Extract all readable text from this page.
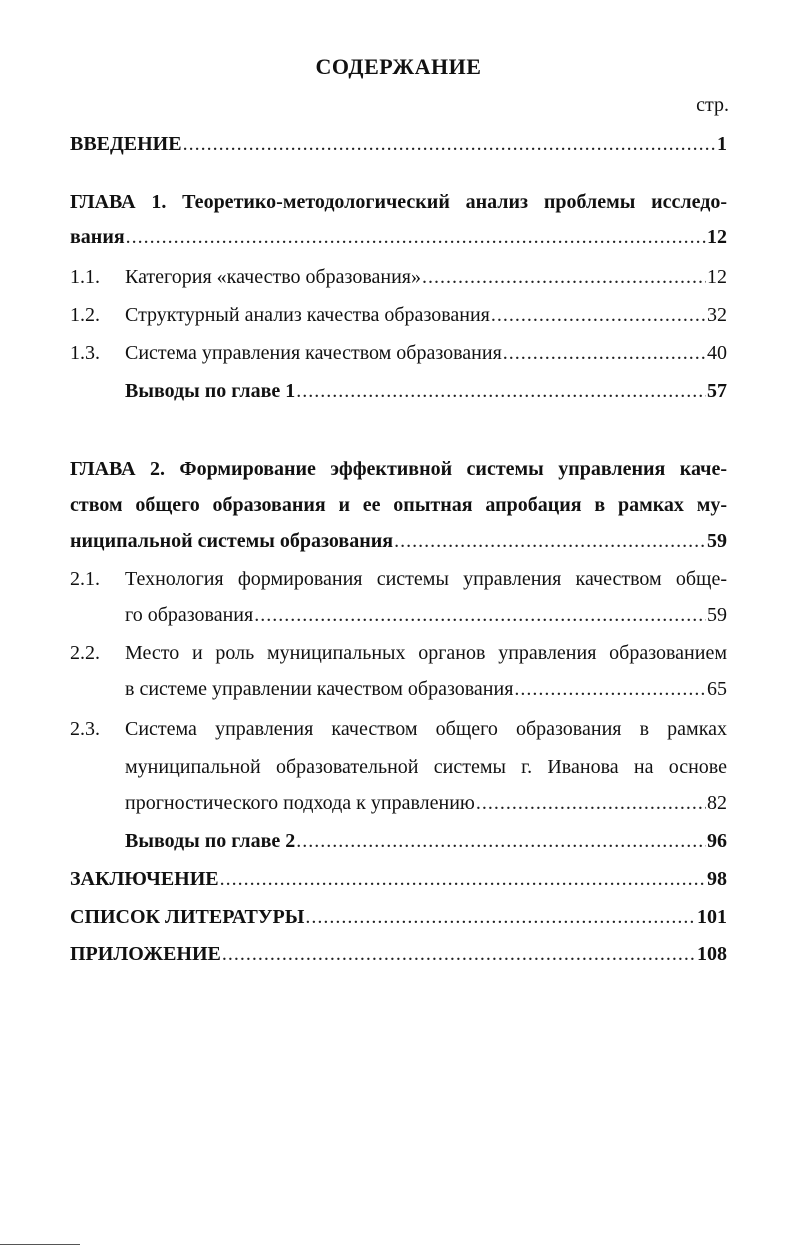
СОДЕРЖАНИЕ
стр.
ВВЕДЕНИЕ .....	1
ГЛАВА 1. Теоретико-методологический анализ проблемы исследо-
вания .....	12
1.1.	Категория «качество образования» .....	12
1.2.	Структурный анализ качества образования .....	32
1.3.	Система управления качеством образования .....	40
Выводы по главе 1 .....	57
ГЛАВА 2. Формирование эффективной системы управления каче-
ством общего образования и ее опытная апробация в рамках му-
ниципальной системы образования .....	59
2.1.	Технология формирования системы управления качеством обще-
го образования .....	59
2.2.	Место и роль муниципальных органов управления образованием
в системе управлении качеством образования .....	65
2.3.	Система управления качеством общего образования в рамках
муниципальной образовательной системы г. Иванова на основе
прогностического подхода к управлению .....	82
Выводы по главе 2 .....	96
ЗАКЛЮЧЕНИЕ .....	98
СПИСОК ЛИТЕРАТУРЫ .....	101
ПРИЛОЖЕНИЕ .....	108
